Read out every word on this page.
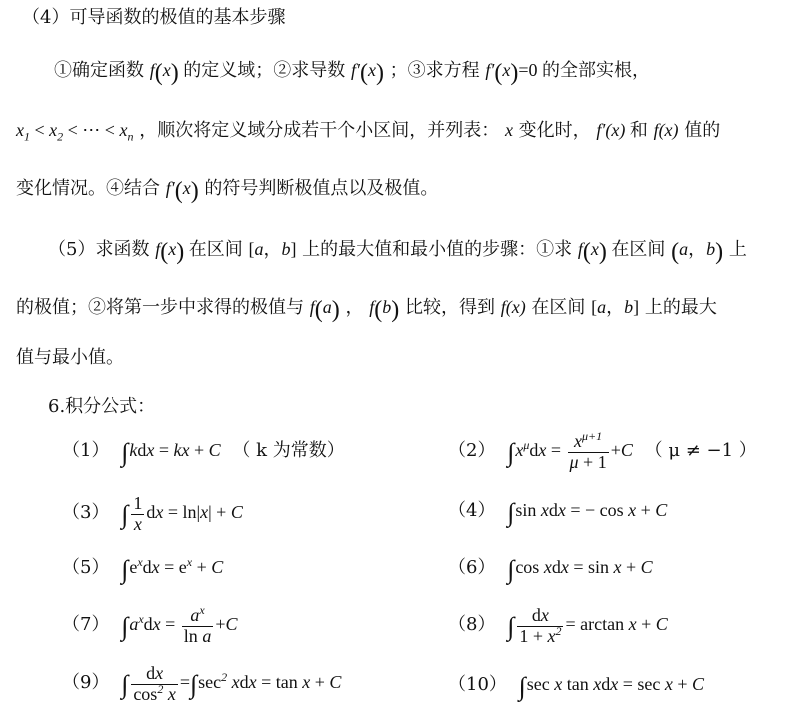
（4）可导函数的极值的基本步骤
①确定函数 f(x) 的定义域；②求导数 f′(x) ；③求方程 f′(x)=0 的全部实根，
$x_1 < x_2$ < ⋯ < $x_n$ ，顺次将定义域分成若干个小区间，并列表： x 变化时， f′(x) 和 f(x) 值的
变化情况。④结合 f′(x) 的符号判断极值点以及极值。
（5）求函数 f(x) 在区间 [a，b] 上的最大值和最小值的步骤：①求 f(x) 在区间 (a，b) 上
的极值；②将第一步中求得的极值与 f(a) ， f(b) 比较，得到 f(x) 在区间 [a，b] 上的最大
值与最小值。
6.积分公式：
（1） ∫kdx = kx + C （ k 为常数）	（2） $\int x^\mu dx = \frac{x^{\mu+1}}{\mu + 1} +C$ （ μ ≠ −1 ）
（3） ∫ $\frac{1}{x}$ dx = ln|x| + C	（4） ∫sin xdx = − cos x + C
（5） $\int e^xdx = e^x + C$	（6） ∫cos xdx = sin x + C
（7） $\int a^xdx = \frac{a^x}{\text{ln a}} +C$	（8） ∫ $\frac{dx}{1 + x^2} = \arctan x + C$
（9） ∫ $\frac{dx}{\cos^2 x} =\int\sec^2$ xdx = tan x + C	（10） ∫sec x tan xdx = sec x + C
